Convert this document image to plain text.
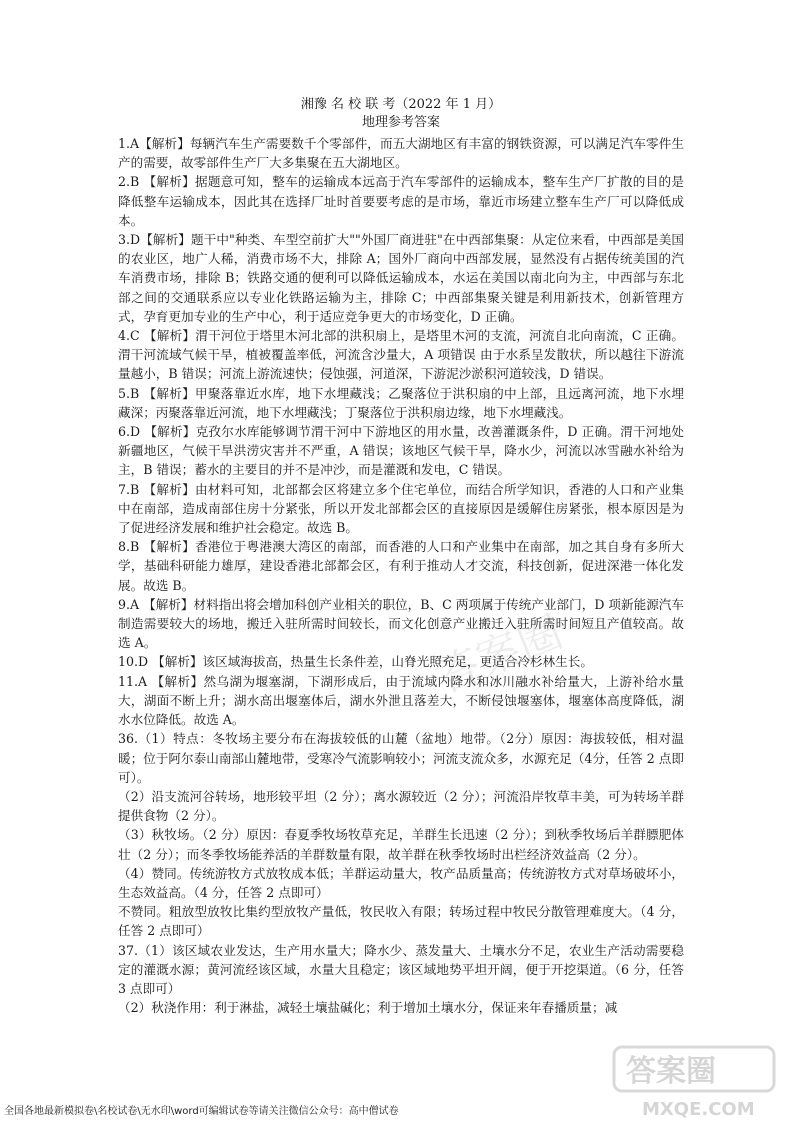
湘豫 名 校 联 考（2022 年 1 月）

地理参考答案

1.A【解析】每辆汽车生产需要数千个零部件，而五大湖地区有丰富的钢铁资源，可以满足汽车零件生产的需要，故零部件生产厂大多集聚在五大湖地区。

2.B 【解析】据题意可知，整车的运输成本远高于汽车零部件的运输成本，整车生产厂扩散的目的是降低整车运输成本，因此其在选择厂址时首要要考虑的是市场，靠近市场建立整车生产厂可以降低成本。

3.D【解析】题干中"种类、车型空前扩大""外国厂商进驻"在中西部集聚：从定位来看，中西部是美国的农业区，地广人稀，消费市场不大，排除 A；国外厂商向中西部发展，显然没有占据传统美国的汽车消费市场，排除 B；铁路交通的便利可以降低运输成本，水运在美国以南北向为主，中西部与东北部之间的交通联系应以专业化铁路运输为主，排除 C；中西部集聚关键是利用新技术，创新管理方式，孕育更加专业的生产中心，利于适应竞争更大的市场变化，D 正确。

4.C 【解析】渭干河位于塔里木河北部的洪积扇上，是塔里木河的支流，河流自北向南流，C 正确。渭干河流域气候干旱，植被覆盖率低，河流含沙量大，A 项错误 由于水系呈发散状，所以越往下游流量越小，B 错误；河流上游流速快；侵蚀强，河道深，下游泥沙淤积河道较浅，D 错误。

5.B 【解析】甲聚落靠近水库，地下水埋藏浅；乙聚落位于洪积扇的中上部，且远离河流，地下水埋藏深；丙聚落靠近河流，地下水埋藏浅；丁聚落位于洪积扇边缘，地下水埋藏浅。

6.D 【解析】克孜尔水库能够调节渭干河中下游地区的用水量，改善灌溉条件，D 正确。渭干河地处新疆地区，气候干旱洪涝灾害并不严重，A 错误；该地区气候干旱，降水少，河流以冰雪融水补给为主，B 错误；蓄水的主要目的并不是冲沙，而是灌溉和发电，C 错误。

7.B 【解析】由材料可知，北部都会区将建立多个住宅单位，而结合所学知识，香港的人口和产业集中在南部，造成南部住房十分紧张，所以开发北部都会区的直接原因是缓解住房紧张，根本原因是为了促进经济发展和维护社会稳定。故选 B。

8.B 【解析】香港位于粤港澳大湾区的南部，而香港的人口和产业集中在南部，加之其自身有多所大学，基础科研能力雄厚，建设香港北部都会区，有利于推动人才交流，科技创新，促进深港一体化发展。故选 B。

9.A 【解析】材料指出将会增加科创产业相关的职位，B、C 两项属于传统产业部门，D 项新能源汽车制造需要较大的场地，搬迁入驻所需时间较长，而文化创意产业搬迁入驻所需时间短且产值较高。故选 A。

10.D 【解析】该区域海拔高，热量生长条件差，山脊光照充足，更适合冷杉林生长。

11.A 【解析】然乌湖为堰塞湖，下湖形成后，由于流域内降水和冰川融水补给量大，上游补给水量大，湖面不断上升；湖水高出堰塞体后，湖水外泄且落差大，不断侵蚀堰塞体，堰塞体高度降低，湖水水位降低。故选 A。

36.（1）特点：冬牧场主要分布在海拔较低的山麓（盆地）地带。（2分）原因：海拔较低，相对温暖；位于阿尔泰山南部山麓地带，受寒冷气流影响较小；河流支流众多，水源充足（4分，任答 2 点即可）。

（2）沿支流河谷转场，地形较平坦（2 分）；离水源较近（2 分）；河流沿岸牧草丰美，可为转场羊群提供食物（2 分）。

（3）秋牧场。（2 分）原因：春夏季牧场牧草充足，羊群生长迅速（2 分）；到秋季牧场后羊群膘肥体壮（2 分）；而冬季牧场能养活的羊群数量有限，故羊群在秋季牧场时出栏经济效益高（2 分）。

（4）赞同。传统游牧方式放牧成本低；羊群运动量大，牧产品质量高；传统游牧方式对草场破坏小，生态效益高。（4 分，任答 2 点即可）

不赞同。粗放型放牧比集约型放牧产量低，牧民收入有限；转场过程中牧民分散管理难度大。（4 分，任答 2 点即可）

37.（1）该区域农业发达，生产用水量大；降水少、蒸发量大、土壤水分不足，农业生产活动需要稳定的灌溉水源；黄河流经该区域，水量大且稳定；该区域地势平坦开阔，便于开挖渠道。（6 分，任答 3 点即可）

（2）秋浇作用：利于淋盐，减轻土壤盐碱化；利于增加土壤水分，保证来年春播质量；减

答案圈
全国各地最新模拟卷\名校试卷\无水印\word可编辑试卷等请关注微信公众号：高中僧试卷
答案圈
MXQE.COM
